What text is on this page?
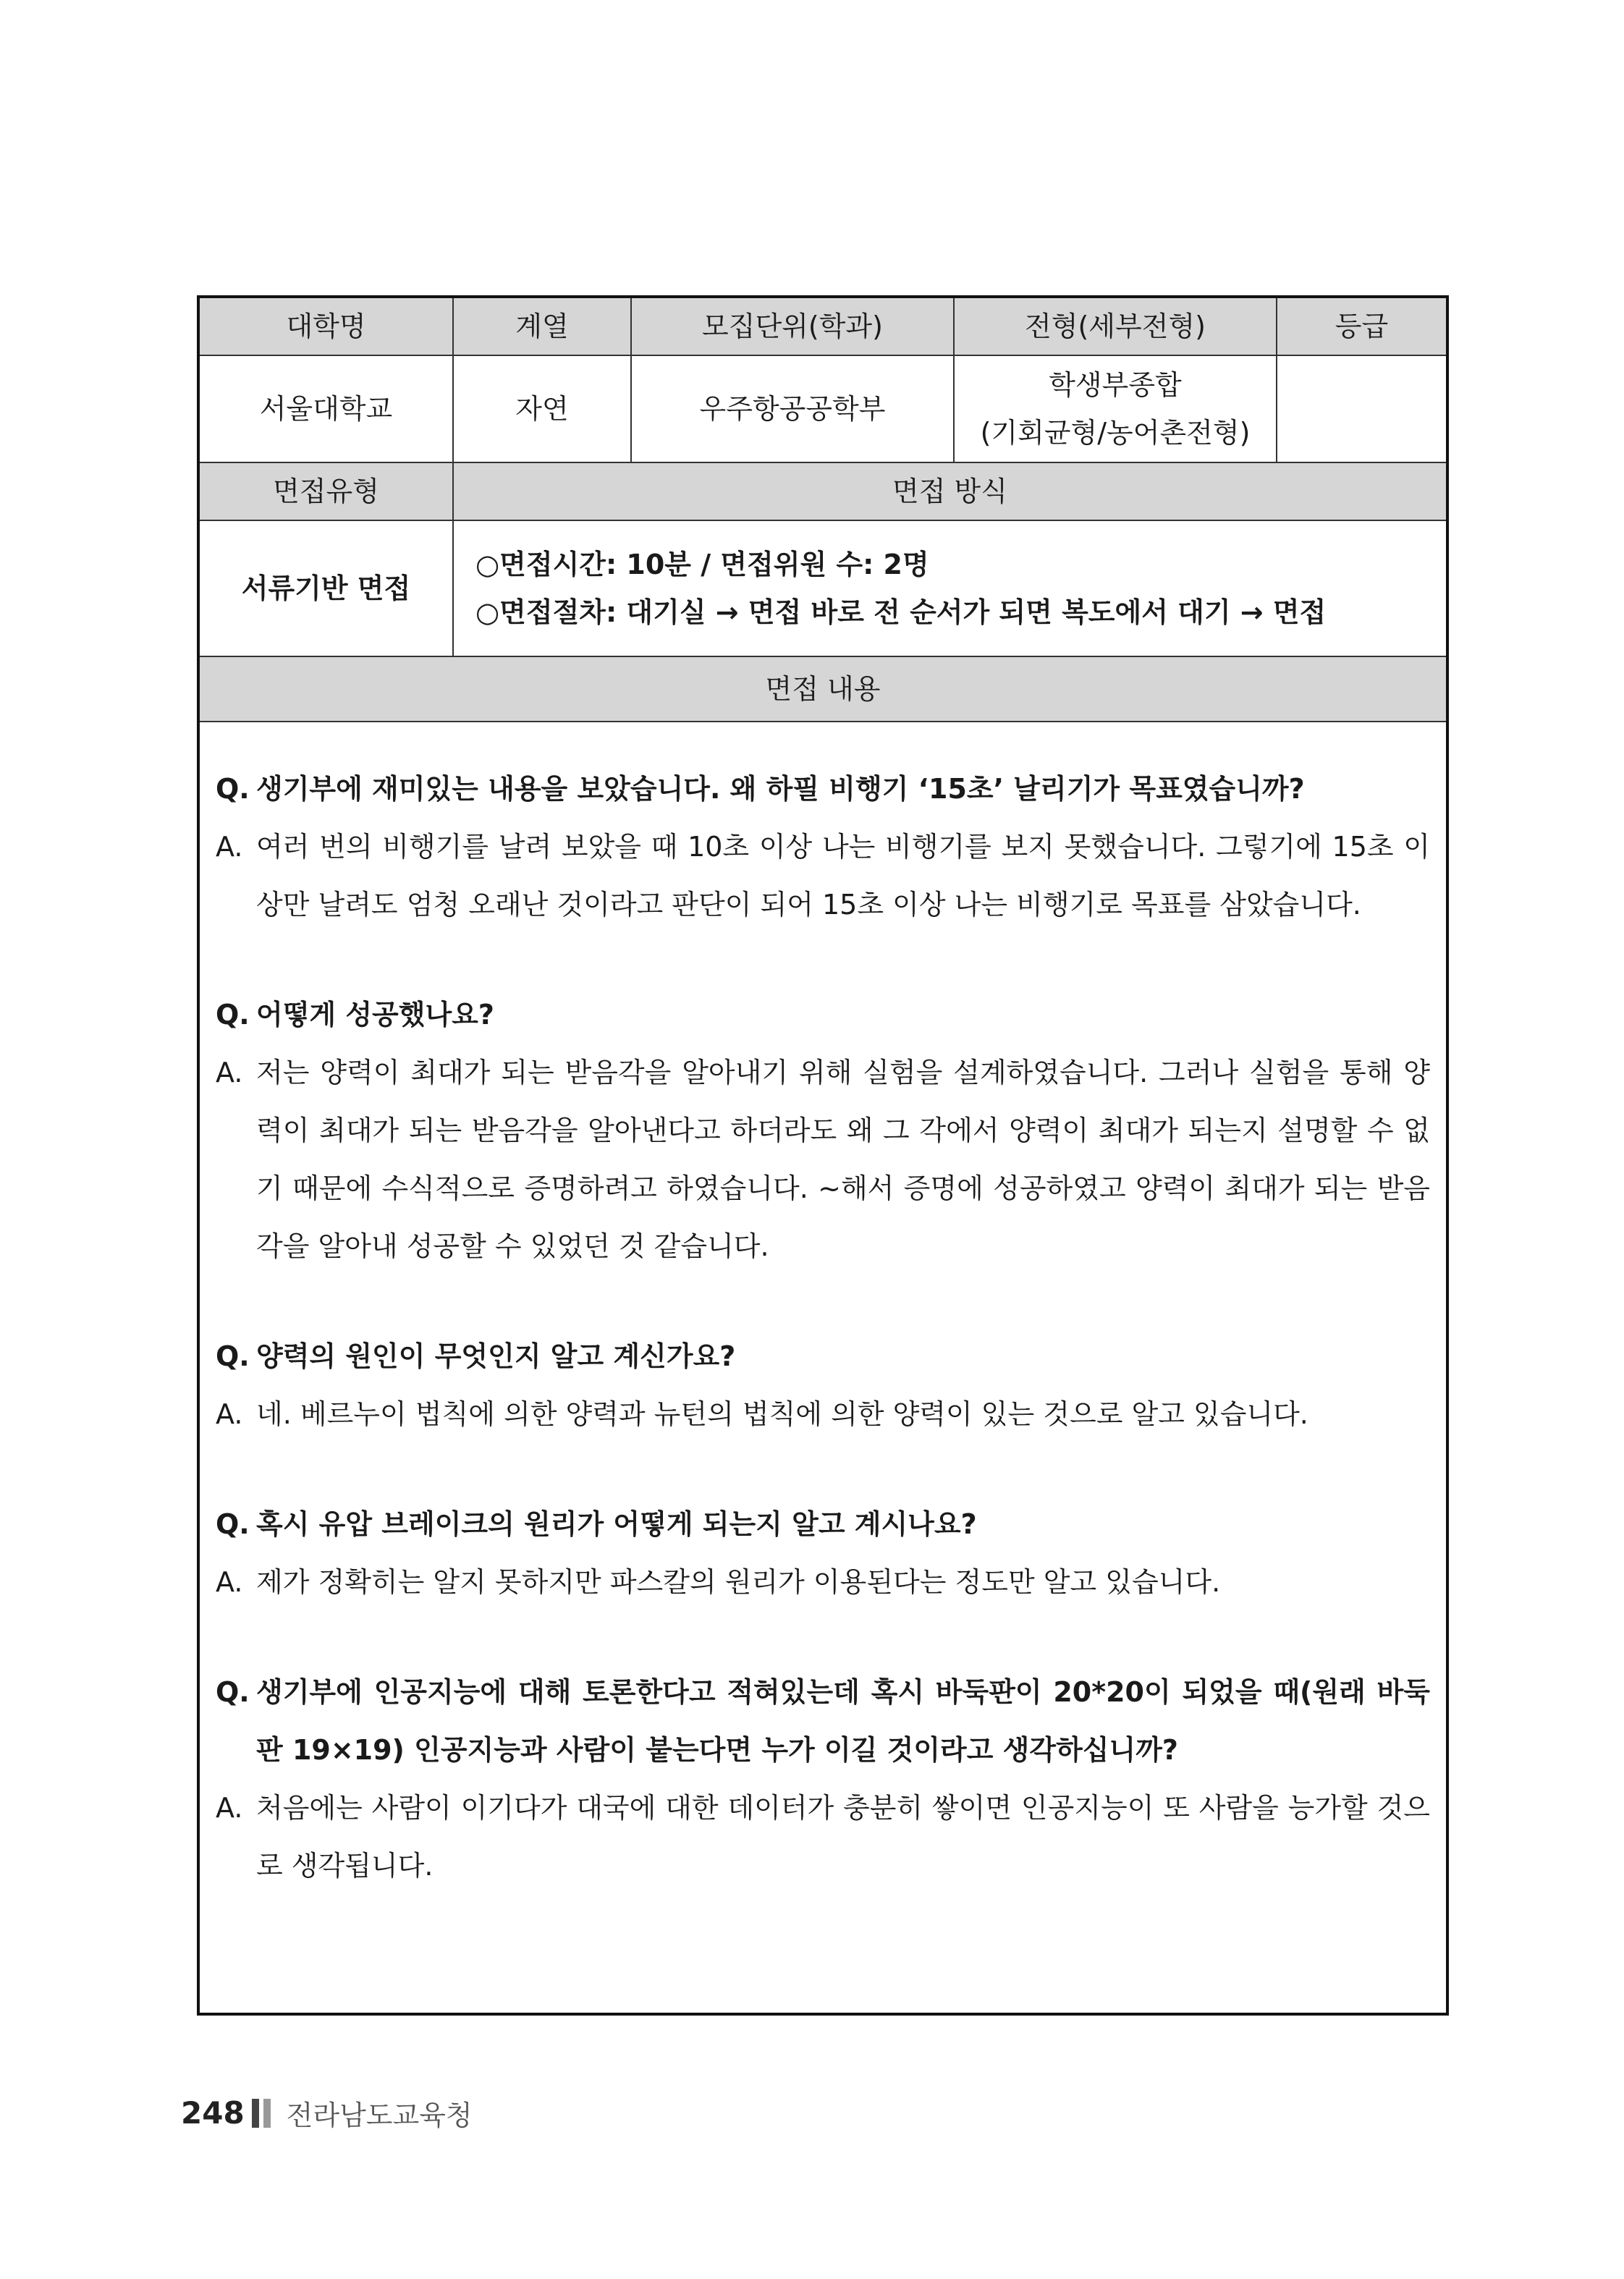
대학명	계열	모집단위(학과)	전형(세부전형)	등급
서울대학교	자연	우주항공공학부	학생부종합
(기회균형/농어촌전형)	

면접유형	면접 방식			
서류기반 면접	○면접시간: 10분 / 면접위원 수: 2명
○면접절차: 대기실 → 면접 바로 전 순서가 되면 복도에서 대기 → 면접			

면접 내용				
Q. 생기부에 재미있는 내용을 보았습니다. 왜 하필 비행기 ‘15초’ 날리기가 목표였습니까?
A. 여러 번의 비행기를 날려 보았을 때 10초 이상 나는 비행기를 보지 못했습니다. 그렇기에 15초 이상만 날려도 엄청 오래난 것이라고 판단이 되어 15초 이상 나는 비행기로 목표를 삼았습니다.
Q. 어떻게 성공했나요?
A. 저는 양력이 최대가 되는 받음각을 알아내기 위해 실험을 설계하였습니다. 그러나 실험을 통해 양력이 최대가 되는 받음각을 알아낸다고 하더라도 왜 그 각에서 양력이 최대가 되는지 설명할 수 없기 때문에 수식적으로 증명하려고 하였습니다. ~해서 증명에 성공하였고 양력이 최대가 되는 받음각을 알아내 성공할 수 있었던 것 같습니다.
Q. 양력의 원인이 무엇인지 알고 계신가요?
A. 네. 베르누이 법칙에 의한 양력과 뉴턴의 법칙에 의한 양력이 있는 것으로 알고 있습니다.
Q. 혹시 유압 브레이크의 원리가 어떻게 되는지 알고 계시나요?
A. 제가 정확히는 알지 못하지만 파스칼의 원리가 이용된다는 정도만 알고 있습니다.
Q. 생기부에 인공지능에 대해 토론한다고 적혀있는데 혹시 바둑판이 20*20이 되었을 때(원래 바둑판 19×19) 인공지능과 사람이 붙는다면 누가 이길 것이라고 생각하십니까?
A. 처음에는 사람이 이기다가 대국에 대한 데이터가 충분히 쌓이면 인공지능이 또 사람을 능가할 것으로 생각됩니다.
248 전라남도교육청
